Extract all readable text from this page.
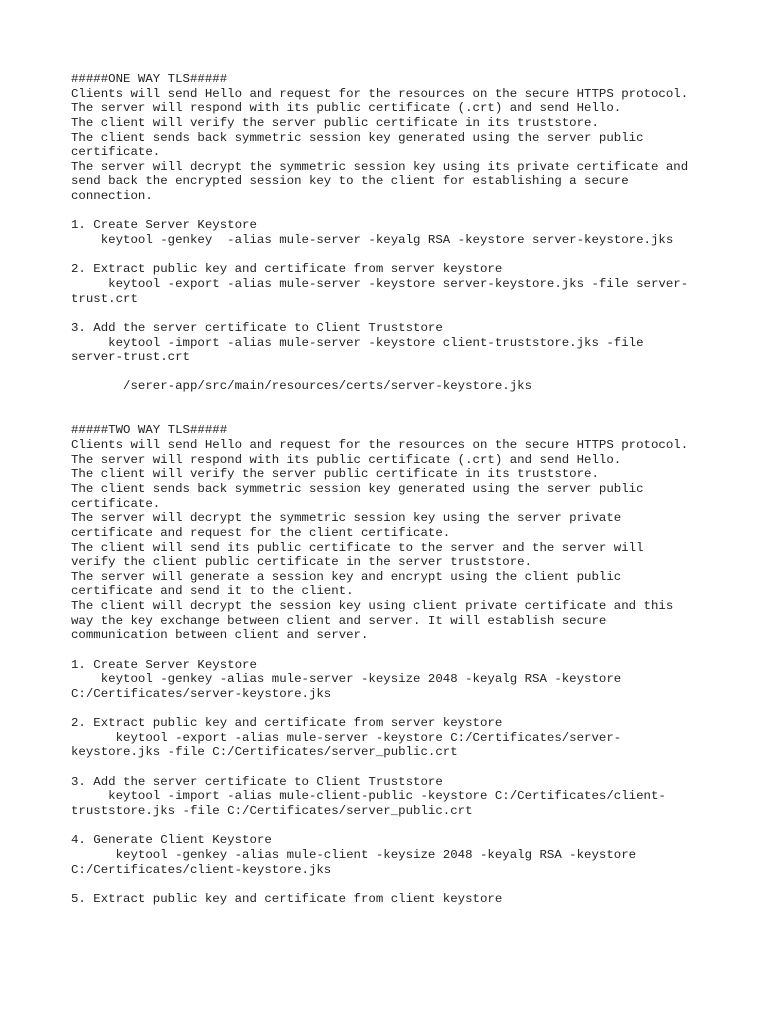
#####ONE WAY TLS#####
Clients will send Hello and request for the resources on the secure HTTPS protocol.
The server will respond with its public certificate (.crt) and send Hello.
The client will verify the server public certificate in its truststore.
The client sends back symmetric session key generated using the server public
certificate.
The server will decrypt the symmetric session key using its private certificate and
send back the encrypted session key to the client for establishing a secure
connection.
1. Create Server Keystore
keytool -genkey  -alias mule-server -keyalg RSA -keystore server-keystore.jks
2. Extract public key and certificate from server keystore
keytool -export -alias mule-server -keystore server-keystore.jks -file server-
trust.crt
3. Add the server certificate to Client Truststore
keytool -import -alias mule-server -keystore client-truststore.jks -file
server-trust.crt
/serer-app/src/main/resources/certs/server-keystore.jks
#####TWO WAY TLS#####
Clients will send Hello and request for the resources on the secure HTTPS protocol.
The server will respond with its public certificate (.crt) and send Hello.
The client will verify the server public certificate in its truststore.
The client sends back symmetric session key generated using the server public
certificate.
The server will decrypt the symmetric session key using the server private
certificate and request for the client certificate.
The client will send its public certificate to the server and the server will
verify the client public certificate in the server truststore.
The server will generate a session key and encrypt using the client public
certificate and send it to the client.
The client will decrypt the session key using client private certificate and this
way the key exchange between client and server. It will establish secure
communication between client and server.
1. Create Server Keystore
keytool -genkey -alias mule-server -keysize 2048 -keyalg RSA -keystore
C:/Certificates/server-keystore.jks
2. Extract public key and certificate from server keystore
keytool -export -alias mule-server -keystore C:/Certificates/server-
keystore.jks -file C:/Certificates/server_public.crt
3. Add the server certificate to Client Truststore
keytool -import -alias mule-client-public -keystore C:/Certificates/client-
truststore.jks -file C:/Certificates/server_public.crt
4. Generate Client Keystore
keytool -genkey -alias mule-client -keysize 2048 -keyalg RSA -keystore
C:/Certificates/client-keystore.jks
5. Extract public key and certificate from client keystore
